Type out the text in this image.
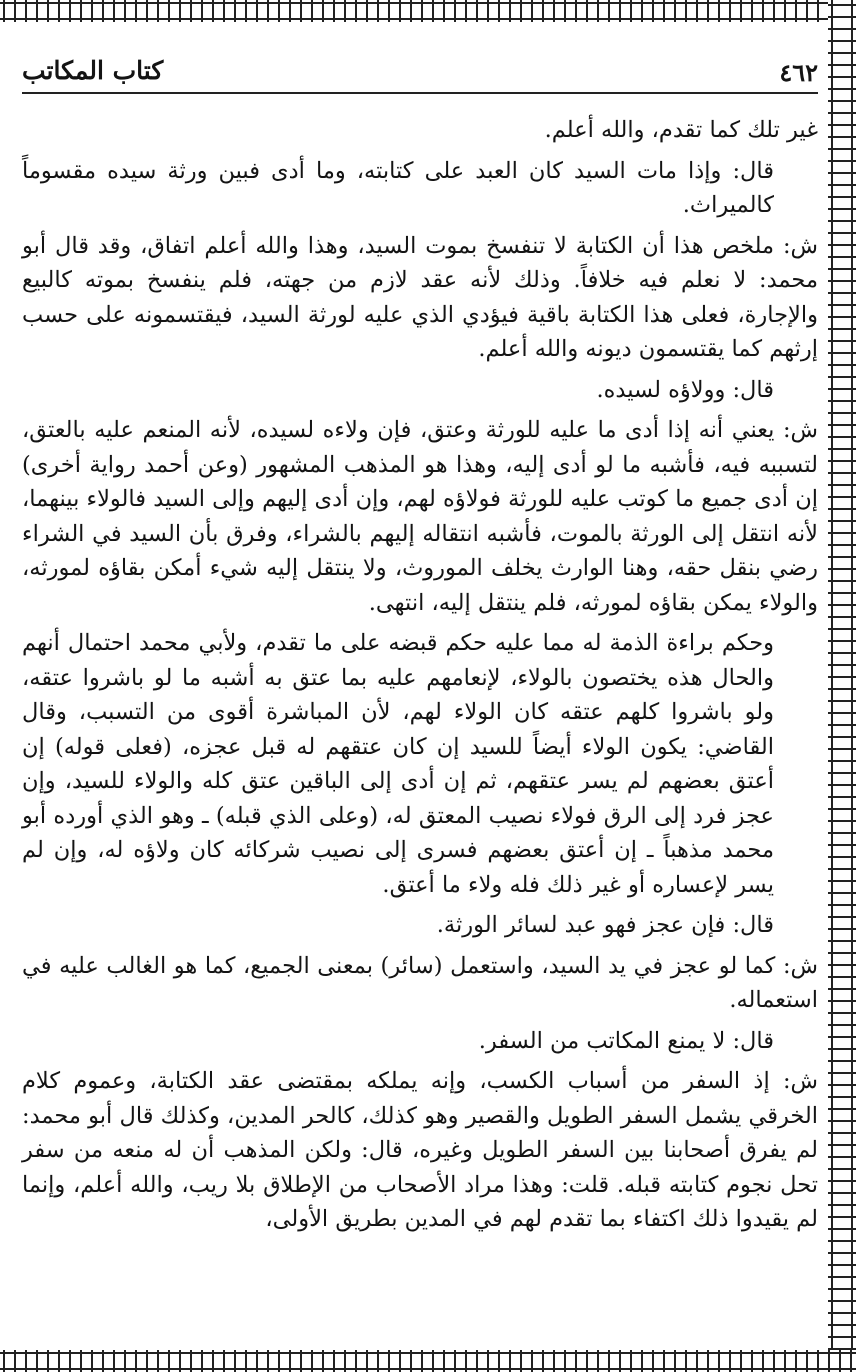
٤٦٢
كتاب المكاتب

غير تلك كما تقدم، والله أعلم.

قال: وإذا مات السيد كان العبد على كتابته، وما أدى فبين ورثة سيده مقسوماً كالميراث.

ش: ملخص هذا أن الكتابة لا تنفسخ بموت السيد، وهذا والله أعلم اتفاق، وقد قال أبو محمد: لا نعلم فيه خلافاً. وذلك لأنه عقد لازم من جهته، فلم ينفسخ بموته كالبيع والإجارة، فعلى هذا الكتابة باقية فيؤدي الذي عليه لورثة السيد، فيقتسمونه على حسب إرثهم كما يقتسمون ديونه والله أعلم.

قال: وولاؤه لسيده.

ش: يعني أنه إذا أدى ما عليه للورثة وعتق، فإن ولاءه لسيده، لأنه المنعم عليه بالعتق، لتسببه فيه، فأشبه ما لو أدى إليه، وهذا هو المذهب المشهور (وعن أحمد رواية أخرى) إن أدى جميع ما كوتب عليه للورثة فولاؤه لهم، وإن أدى إليهم وإلى السيد فالولاء بينهما، لأنه انتقل إلى الورثة بالموت، فأشبه انتقاله إليهم بالشراء، وفرق بأن السيد في الشراء رضي بنقل حقه، وهنا الوارث يخلف الموروث، ولا ينتقل إليه شيء أمكن بقاؤه لمورثه، والولاء يمكن بقاؤه لمورثه، فلم ينتقل إليه، انتهى.

وحكم براءة الذمة له مما عليه حكم قبضه على ما تقدم، ولأبي محمد احتمال أنهم والحال هذه يختصون بالولاء، لإنعامهم عليه بما عتق به أشبه ما لو باشروا عتقه، ولو باشروا كلهم عتقه كان الولاء لهم، لأن المباشرة أقوى من التسبب، وقال القاضي: يكون الولاء أيضاً للسيد إن كان عتقهم له قبل عجزه، (فعلى قوله) إن أعتق بعضهم لم يسر عتقهم، ثم إن أدى إلى الباقين عتق كله والولاء للسيد، وإن عجز فرد إلى الرق فولاء نصيب المعتق له، (وعلى الذي قبله) ـ وهو الذي أورده أبو محمد مذهباً ـ إن أعتق بعضهم فسرى إلى نصيب شركائه كان ولاؤه له، وإن لم يسر لإعساره أو غير ذلك فله ولاء ما أعتق.

قال: فإن عجز فهو عبد لسائر الورثة.

ش: كما لو عجز في يد السيد، واستعمل (سائر) بمعنى الجميع، كما هو الغالب عليه في استعماله.

قال: لا يمنع المكاتب من السفر.

ش: إذ السفر من أسباب الكسب، وإنه يملكه بمقتضى عقد الكتابة، وعموم كلام الخرقي يشمل السفر الطويل والقصير وهو كذلك، كالحر المدين، وكذلك قال أبو محمد: لم يفرق أصحابنا بين السفر الطويل وغيره، قال: ولكن المذهب أن له منعه من سفر تحل نجوم كتابته قبله. قلت: وهذا مراد الأصحاب من الإطلاق بلا ريب، والله أعلم، وإنما لم يقيدوا ذلك اكتفاء بما تقدم لهم في المدين بطريق الأولى،
